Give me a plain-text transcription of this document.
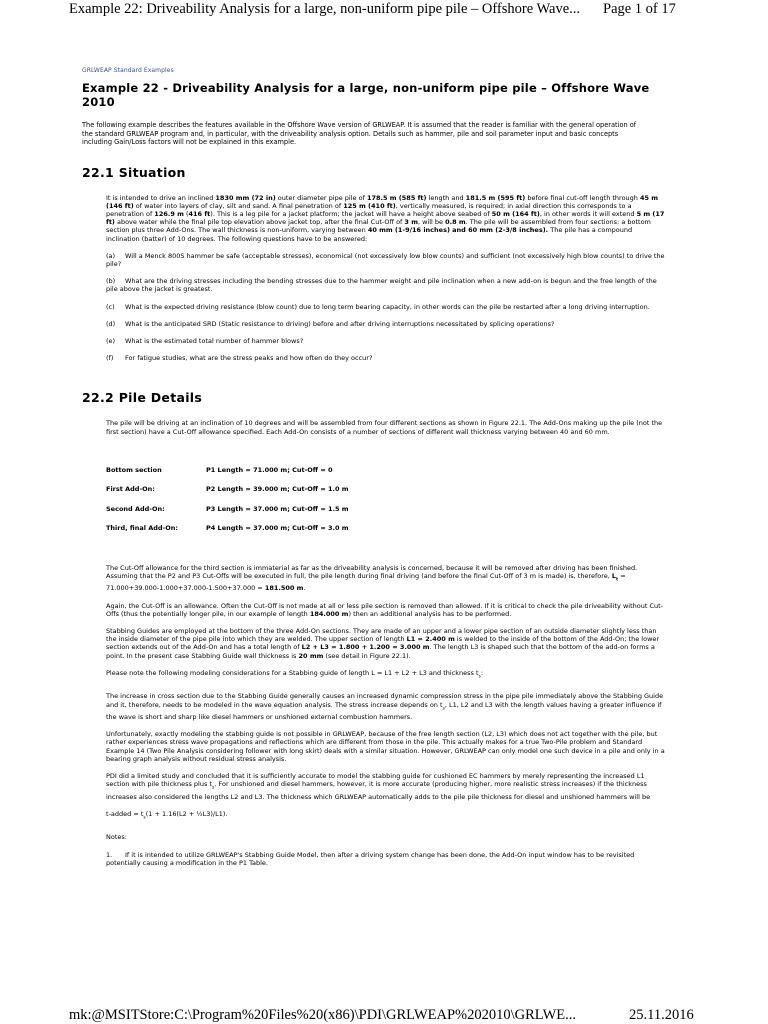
Example 22: Driveability Analysis for a large, non-uniform pipe pile – Offshore Wave... Page 1 of 17
GRLWEAP Standard Examples
Example 22 - Driveability Analysis for a large, non-uniform pipe pile – Offshore Wave
2010

The following example describes the features available in the Offshore Wave version of GRLWEAP. It is assumed that the reader is familiar with the general operation of the standard GRLWEAP program and, in particular, with the driveability analysis option. Details such as hammer, pile and soil parameter input and basic concepts including Gain/Loss factors will not be explained in this example.

22.1 Situation

It is intended to drive an inclined 1830 mm (72 in) outer diameter pipe pile of 178.5 m (585 ft) length and 181.5 m (595 ft) before final cut-off length through 45 m (146 ft) of water into layers of clay, silt and sand. A final penetration of 125 m (410 ft), vertically measured, is required; in axial direction this corresponds to a penetration of 126.9 m (416 ft). This is a leg pile for a jacket platform; the jacket will have a height above seabed of 50 m (164 ft), in other words it will extend 5 m (17 ft) above water while the final pile top elevation above jacket top, after the final Cut-Off of 3 m, will be 0.8 m. The pile will be assembled from four sections: a bottom section plus three Add-Ons. The wall thickness is non-uniform, varying between 40 mm (1-9/16 inches) and 60 mm (2-3/8 inches). The pile has a compound inclination (batter) of 10 degrees. The following questions have to be answered:

(a) Will a Menck 800S hammer be safe (acceptable stresses), economical (not excessively low blow counts) and sufficient (not excessively high blow counts) to drive the pile?

(b) What are the driving stresses including the bending stresses due to the hammer weight and pile inclination when a new add-on is begun and the free length of the pile above the jacket is greatest.

(c) What is the expected driving resistance (blow count) due to long term bearing capacity, in other words can the pile be restarted after a long driving interruption.

(d) What is the anticipated SRD (Static resistance to driving) before and after driving interruptions necessitated by splicing operations?

(e) What is the estimated total number of hammer blows?

(f) For fatigue studies, what are the stress peaks and how often do they occur?

22.2 Pile Details

The pile will be driving at an inclination of 10 degrees and will be assembled from four different sections as shown in Figure 22.1. The Add-Ons making up the pile (not the first section) have a Cut-Off allowance specified. Each Add-On consists of a number of sections of different wall thickness varying between 40 and 60 mm.

Bottom section	P1 Length = 71.000 m; Cut-Off = 0
First Add-On:	P2 Length = 39.000 m; Cut-Off = 1.0 m
Second Add-On:	P3 Length = 37.000 m; Cut-Off = 1.5 m
Third, final Add-On:	P4 Length = 37.000 m; Cut-Off = 3.0 m

The Cut-Off allowance for the third section is immaterial as far as the driveability analysis is concerned, because it will be removed after driving has been finished. Assuming that the P2 and P3 Cut-Offs will be executed in full, the pile length during final driving (and before the final Cut-Off of 3 m is made) is, therefore, $L_t = 71.000+39.000-1.000+37.000-1.500+37.000 = 181.500$ m.

Again, the Cut-Off is an allowance. Often the Cut-Off is not made at all or less pile section is removed than allowed. If it is critical to check the pile driveability without Cut-Offs (thus the potentially longer pile, in our example of length 184.000 m) then an additional analysis has to be performed.

Stabbing Guides are employed at the bottom of the three Add-On sections. They are made of an upper and a lower pipe section of an outside diameter slightly less than the inside diameter of the pipe pile into which they are welded. The upper section of length L1 = 2.400 m is welded to the inside of the bottom of the Add-On; the lower section extends out of the Add-On and has a total length of L2 + L3 = 1.800 + 1.200 = 3.000 m. The length L3 is shaped such that the bottom of the add-on forms a point. In the present case Stabbing Guide wall thickness is 20 mm (see detail in Figure 22.1).

Please note the following modeling considerations for a Stabbing guide of length L = L1 + L2 + L3 and thickness $t_s$:

The increase in cross section due to the Stabbing Guide generally causes an increased dynamic compression stress in the pipe pile immediately above the Stabbing Guide and it, therefore, needs to be modeled in the wave equation analysis. The stress increase depends on $t_s$, L1, L2 and L3 with the length values having a greater influence if the wave is short and sharp like diesel hammers or unshioned external combustion hammers.

Unfortunately, exactly modeling the stabbing guide is not possible in GRLWEAP, because of the free length section (L2, L3) which does not act together with the pile, but rather experiences stress wave propagations and reflections which are different from those in the pile. This actually makes for a true Two-Pile problem and Standard Example 14 (Two Pile Analysis considering follower with long skirt) deals with a similar situation. However, GRLWEAP can only model one such device in a pile and only in a bearing graph analysis without residual stress analysis.

PDI did a limited study and concluded that it is sufficiently accurate to model the stabbing guide for cushioned EC hammers by merely representing the increased L1 section with pile thickness plus $t_s$. For unshioned and diesel hammers, however, it is more accurate (producing higher, more realistic stress increases) if the thickness increases also considered the lengths L2 and L3. The thickness which GRLWEAP automatically adds to the pile pile thickness for diesel and unshioned hammers will be

t-added = $t_s(1 + 1.16(L2$ + ½L3)/L1).

Notes:

1. If it is intended to utilize GRLWEAP's Stabbing Guide Model, then after a driving system change has been done, the Add-On input window has to be revisited potentially causing a modification in the P1 Table.

mk:@MSITStore:C:\Program%20Files%20(x86)\PDI\GRLWEAP%202010\GRLWE...	25.11.2016
